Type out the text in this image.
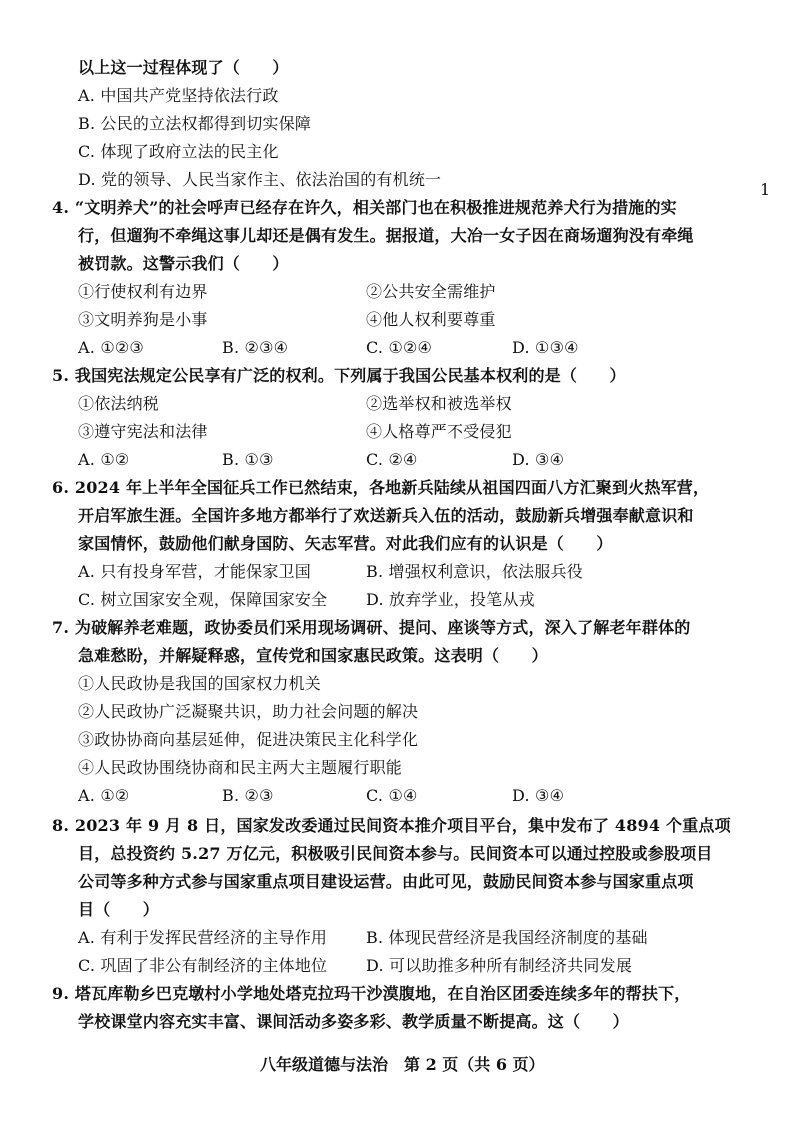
1
以上这一过程体现了（　　）
A. 中国共产党坚持依法行政
B. 公民的立法权都得到切实保障
C. 体现了政府立法的民主化
D. 党的领导、人民当家作主、依法治国的有机统一
4. “文明养犬”的社会呼声已经存在许久，相关部门也在积极推进规范养犬行为措施的实
行，但遛狗不牵绳这事儿却还是偶有发生。据报道，大冶一女子因在商场遛狗没有牵绳
被罚款。这警示我们（　　）
①行使权利有边界	②公共安全需维护
③文明养狗是小事	④他人权利要尊重
A. ①②③	B. ②③④	C. ①②④	D. ①③④
5. 我国宪法规定公民享有广泛的权利。下列属于我国公民基本权利的是（　　）
①依法纳税	②选举权和被选举权
③遵守宪法和法律	④人格尊严不受侵犯
A. ①②	B. ①③	C. ②④	D. ③④
6. 2024 年上半年全国征兵工作已然结束，各地新兵陆续从祖国四面八方汇聚到火热军营，
开启军旅生涯。全国许多地方都举行了欢送新兵入伍的活动，鼓励新兵增强奉献意识和
家国情怀，鼓励他们献身国防、矢志军营。对此我们应有的认识是（　　）
A. 只有投身军营，才能保家卫国	B. 增强权利意识，依法服兵役
C. 树立国家安全观，保障国家安全 D. 放弃学业，投笔从戎
7. 为破解养老难题，政协委员们采用现场调研、提问、座谈等方式，深入了解老年群体的
急难愁盼，并解疑释惑，宣传党和国家惠民政策。这表明（　　）
①人民政协是我国的国家权力机关
②人民政协广泛凝聚共识，助力社会问题的解决
③政协协商向基层延伸，促进决策民主化科学化
④人民政协围绕协商和民主两大主题履行职能
A. ①②	B. ②③	C. ①④	D. ③④
8. 2023 年 9 月 8 日，国家发改委通过民间资本推介项目平台，集中发布了 4894 个重点项
目，总投资约 5.27 万亿元，积极吸引民间资本参与。民间资本可以通过控股或参股项目
公司等多种方式参与国家重点项目建设运营。由此可见，鼓励民间资本参与国家重点项
目（　　）
A. 有利于发挥民营经济的主导作用 B. 体现民营经济是我国经济制度的基础
C. 巩固了非公有制经济的主体地位 D. 可以助推多种所有制经济共同发展
9. 塔瓦库勒乡巴克墩村小学地处塔克拉玛干沙漠腹地，在自治区团委连续多年的帮扶下，
学校课堂内容充实丰富、课间活动多姿多彩、教学质量不断提高。这（　　）
八年级道德与法治　第 2 页（共 6 页）
